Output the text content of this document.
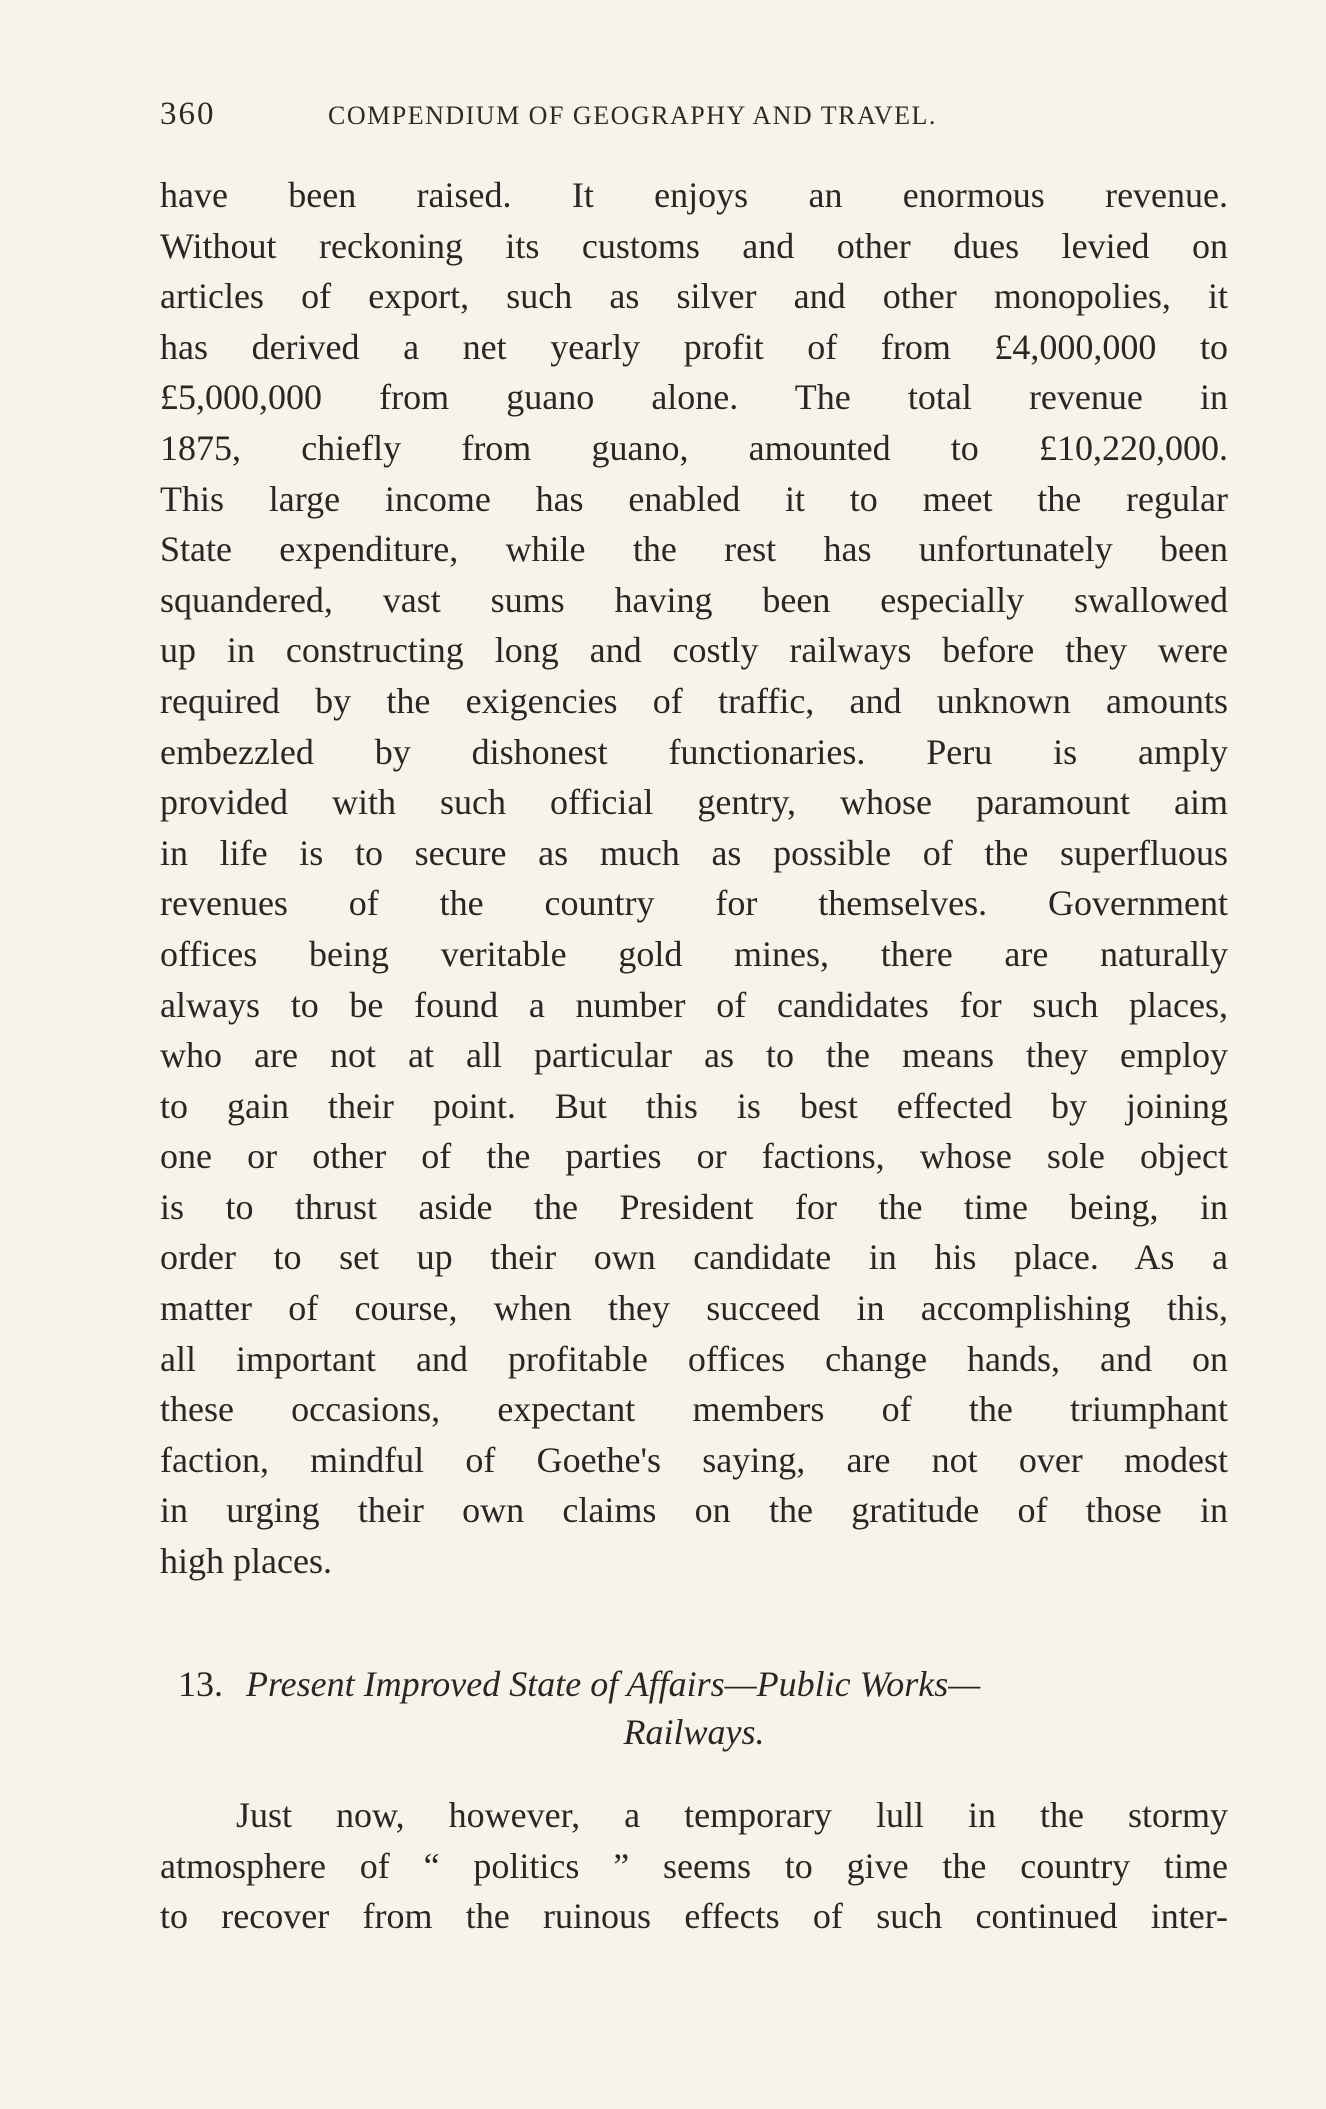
360	COMPENDIUM OF GEOGRAPHY AND TRAVEL.
have been raised. It enjoys an enormous revenue.
Without reckoning its customs and other dues levied on
articles of export, such as silver and other monopolies, it
has derived a net yearly profit of from £4,000,000 to
£5,000,000 from guano alone. The total revenue in
1875, chiefly from guano, amounted to £10,220,000.
This large income has enabled it to meet the regular
State expenditure, while the rest has unfortunately been
squandered, vast sums having been especially swallowed
up in constructing long and costly railways before they were
required by the exigencies of traffic, and unknown amounts
embezzled by dishonest functionaries. Peru is amply
provided with such official gentry, whose paramount aim
in life is to secure as much as possible of the superfluous
revenues of the country for themselves. Government
offices being veritable gold mines, there are naturally
always to be found a number of candidates for such places,
who are not at all particular as to the means they employ
to gain their point. But this is best effected by joining
one or other of the parties or factions, whose sole object
is to thrust aside the President for the time being, in
order to set up their own candidate in his place. As a
matter of course, when they succeed in accomplishing this,
all important and profitable offices change hands, and on
these occasions, expectant members of the triumphant
faction, mindful of Goethe's saying, are not over modest
in urging their own claims on the gratitude of those in
high places.
13. Present Improved State of Affairs—Public Works—
Railways.
Just now, however, a temporary lull in the stormy
atmosphere of “ politics ” seems to give the country time
to recover from the ruinous effects of such continued inter-
